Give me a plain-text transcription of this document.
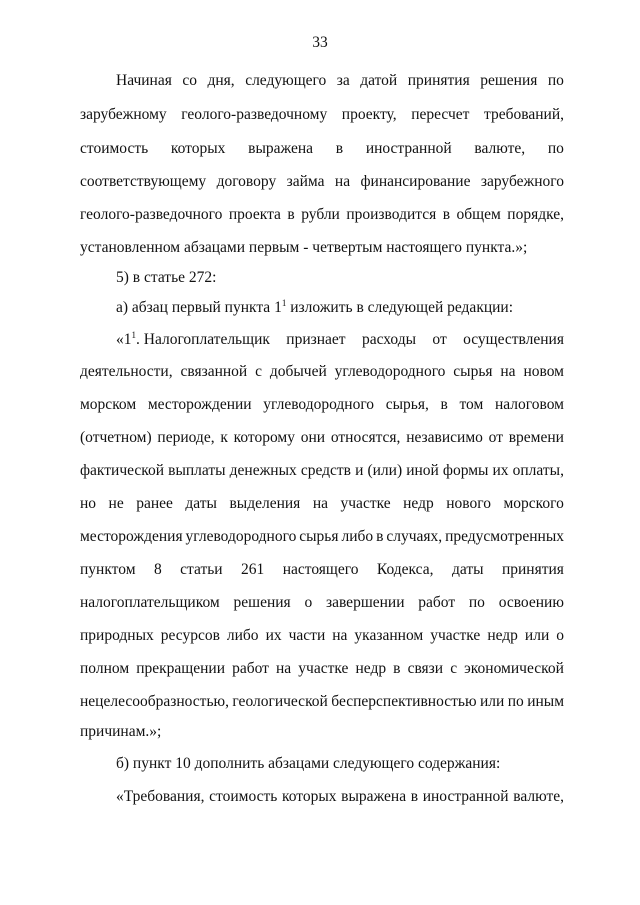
33
Начиная со дня, следующего за датой принятия решения по
зарубежному геолого-разведочному проекту, пересчет требований,
стоимость которых выражена в иностранной валюте, по
соответствующему договору займа на финансирование зарубежного
геолого-разведочного проекта в рубли производится в общем порядке,
установленном абзацами первым - четвертым настоящего пункта.»;
5) в статье 272:
а) абзац первый пункта $1^1$ изложить в следующей редакции:
«$1^1$. Налогоплательщик признает расходы от осуществления
деятельности, связанной с добычей углеводородного сырья на новом
морском месторождении углеводородного сырья, в том налоговом
(отчетном) периоде, к которому они относятся, независимо от времени
фактической выплаты денежных средств и (или) иной формы их оплаты,
но не ранее даты выделения на участке недр нового морского
месторождения углеводородного сырья либо в случаях, предусмотренных
пунктом 8 статьи 261 настоящего Кодекса, даты принятия
налогоплательщиком решения о завершении работ по освоению
природных ресурсов либо их части на указанном участке недр или о
полном прекращении работ на участке недр в связи с экономической
нецелесообразностью, геологической бесперспективностью или по иным
причинам.»;
б) пункт 10 дополнить абзацами следующего содержания:
«Требования, стоимость которых выражена в иностранной валюте,
